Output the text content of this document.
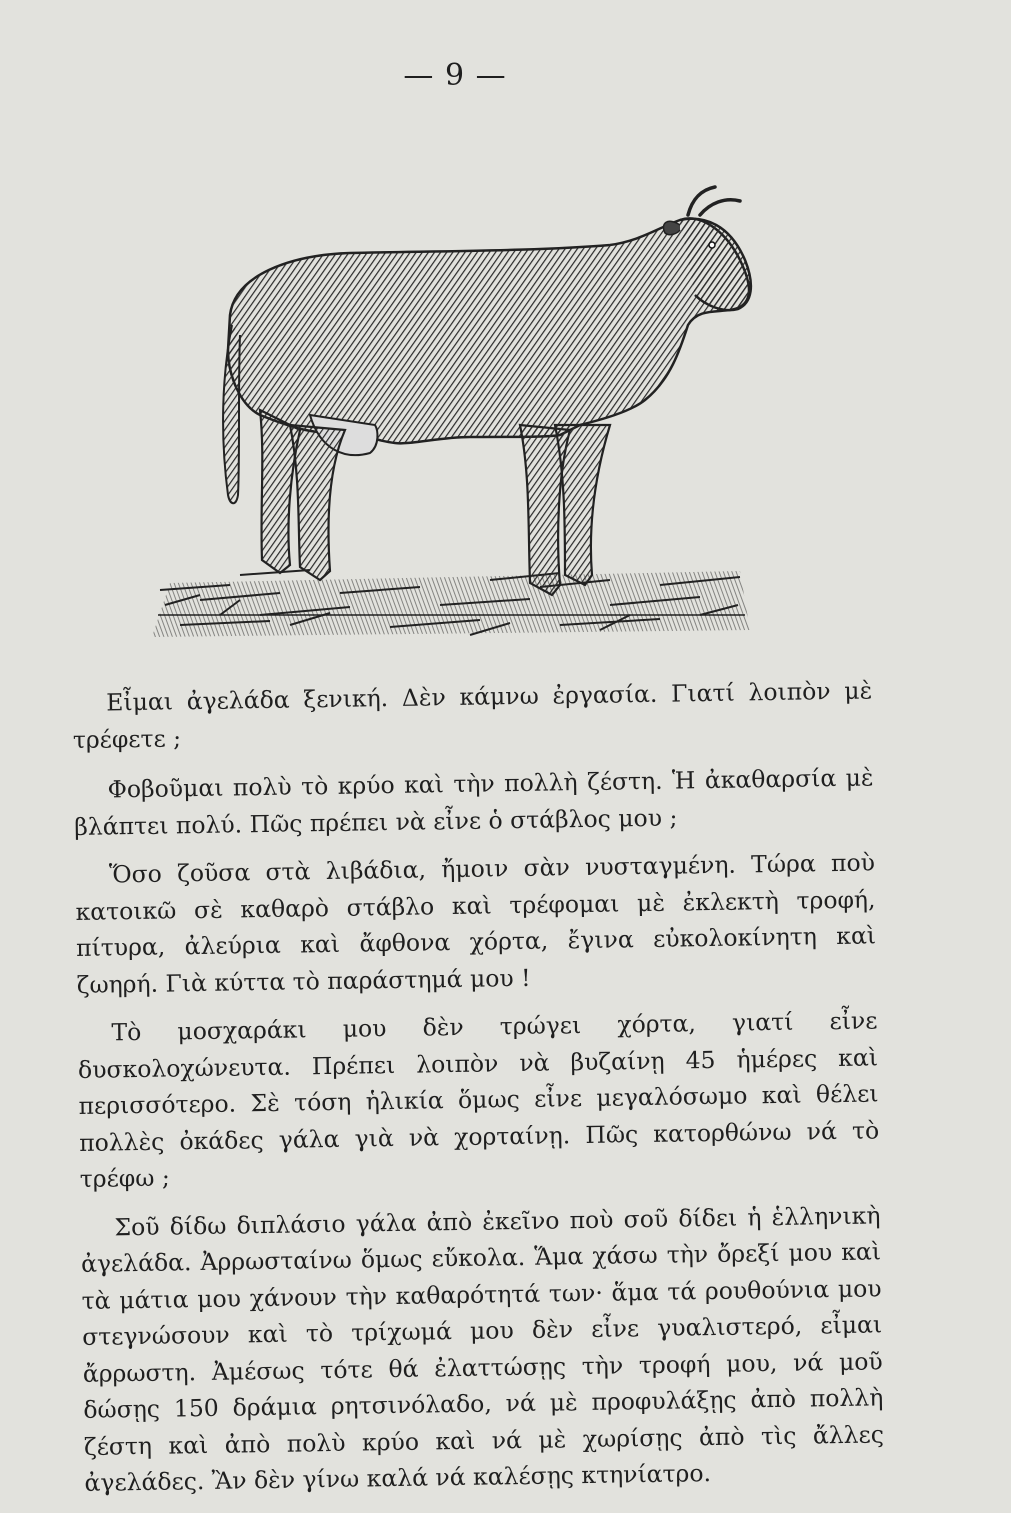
— 9 —

Εἶμαι ἀγελάδα ξενική. Δὲν κάμνω ἐργασία. Γιατί λοιπὸν μὲ τρέφετε ;

Φοβοῦμαι πολὺ τὸ κρύο καὶ τὴν πολλὴ ζέστη. Ἡ ἀκαθαρσία μὲ βλάπτει πολύ. Πῶς πρέπει νὰ εἶνε ὁ στάβλος μου ;

Ὅσο ζοῦσα στὰ λιβάδια, ἤμοιν σὰν νυσταγμένη. Τώρα ποὺ κατοικῶ σὲ καθαρὸ στάβλο καὶ τρέφομαι μὲ ἐκλεκτὴ τροφή, πίτυρα, ἀλεύρια καὶ ἄφθονα χόρτα, ἔγινα εὐκολοκίνητη καὶ ζωηρή. Γιὰ κύττα τὸ παράστημά μου !

Τὸ μοσχαράκι μου δὲν τρώγει χόρτα, γιατί εἶνε δυσκολοχώνευτα. Πρέπει λοιπὸν νὰ βυζαίνῃ 45 ἡμέρες καὶ περισσότερο. Σὲ τόση ἡλικία ὅμως εἶνε μεγαλόσωμο καὶ θέλει πολλὲς ὀκάδες γάλα γιὰ νὰ χορταίνῃ. Πῶς κατορθώνω νά τὸ τρέφω ;

Σοῦ δίδω διπλάσιο γάλα ἀπὸ ἐκεῖνο ποὺ σοῦ δίδει ἡ ἑλληνικὴ ἀγελάδα. Ἀρρωσταίνω ὅμως εὔκολα. Ἅμα χάσω τὴν ὄρεξί μου καὶ τὰ μάτια μου χάνουν τὴν καθαρότητά των· ἅμα τά ρουθούνια μου στεγνώσουν καὶ τὸ τρίχωμά μου δὲν εἶνε γυαλιστερό, εἶμαι ἄρρωστη. Ἀμέσως τότε θά ἐλαττώσῃς τὴν τροφή μου, νά μοῦ δώσῃς 150 δράμια ρητσινόλαδο, νά μὲ προφυλάξῃς ἀπὸ πολλὴ ζέστη καὶ ἀπὸ πολὺ κρύο καὶ νά μὲ χωρίσῃς ἀπὸ τὶς ἄλλες ἀγελάδες. Ἂν δὲν γίνω καλά νά καλέσῃς κτηνίατρο.
